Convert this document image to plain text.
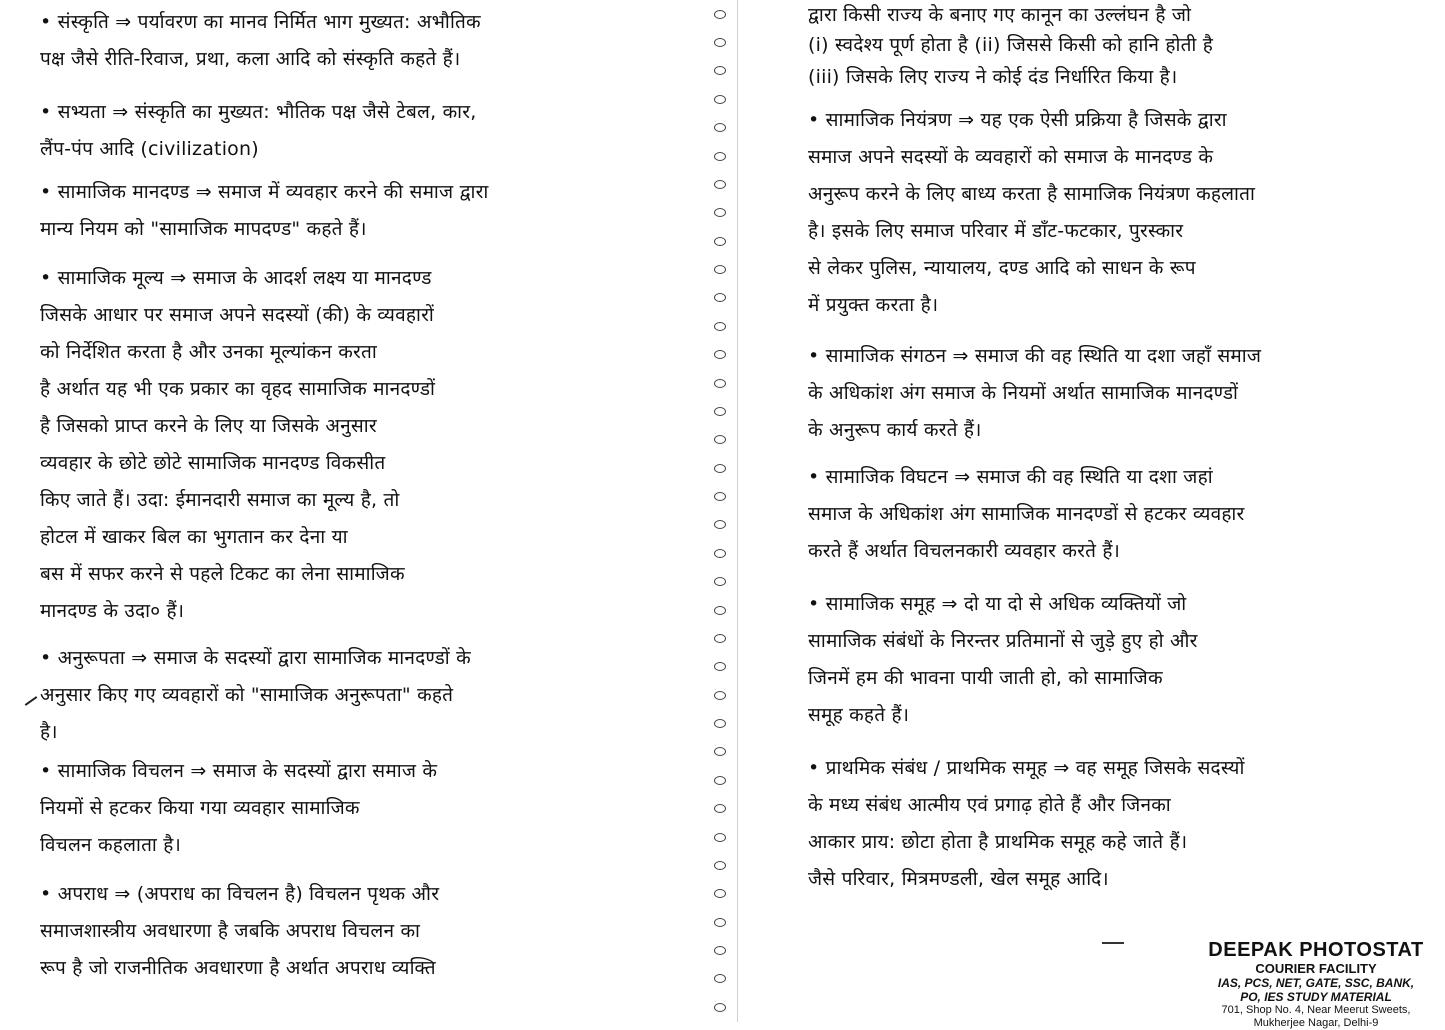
• संस्कृति ⇒ पर्यावरण का मानव निर्मित भाग मुख्यत: अभौतिक
पक्ष जैसे रीति-रिवाज, प्रथा, कला आदि को संस्कृति कहते हैं।
• सभ्यता ⇒ संस्कृति का मुख्यत: भौतिक पक्ष जैसे टेबल, कार,
लैंप-पंप आदि (civilization)
• सामाजिक मानदण्ड ⇒ समाज में व्यवहार करने की समाज द्वारा
मान्य नियम को "सामाजिक मापदण्ड" कहते हैं।
• सामाजिक मूल्य ⇒ समाज के आदर्श लक्ष्य या मानदण्ड
जिसके आधार पर समाज अपने सदस्यों (की) के व्यवहारों
को निर्देशित करता है और उनका मूल्यांकन करता
है अर्थात यह भी एक प्रकार का वृहद सामाजिक मानदण्डों
है जिसको प्राप्त करने के लिए या जिसके अनुसार
व्यवहार के छोटे छोटे सामाजिक मानदण्ड विकसीत
किए जाते हैं। उदा: ईमानदारी समाज का मूल्य है, तो
होटल में खाकर बिल का भुगतान कर देना या
बस में सफर करने से पहले टिकट का लेना सामाजिक
मानदण्ड के उदा० हैं।
• अनुरूपता ⇒ समाज के सदस्यों द्वारा सामाजिक मानदण्डों के
अनुसार किए गए व्यवहारों को "सामाजिक अनुरूपता" कहते
है।
• सामाजिक विचलन ⇒ समाज के सदस्यों द्वारा समाज के
नियमों से हटकर किया गया व्यवहार सामाजिक
विचलन कहलाता है।
• अपराध ⇒ (अपराध का विचलन है) विचलन पृथक और
समाजशास्त्रीय अवधारणा है जबकि अपराध विचलन का
रूप है जो राजनीतिक अवधारणा है अर्थात अपराध व्यक्ति
द्वारा किसी राज्य के बनाए गए कानून का उल्लंघन है जो
(i) स्वदेश्य पूर्ण होता है (ii) जिससे किसी को हानि होती है
(iii) जिसके लिए राज्य ने कोई दंड निर्धारित किया है।
• सामाजिक नियंत्रण ⇒ यह एक ऐसी प्रक्रिया है जिसके द्वारा
समाज अपने सदस्यों के व्यवहारों को समाज के मानदण्ड के
अनुरूप करने के लिए बाध्य करता है सामाजिक नियंत्रण कहलाता
है। इसके लिए समाज परिवार में डाँट-फटकार, पुरस्कार
से लेकर पुलिस, न्यायालय, दण्ड आदि को साधन के रूप
में प्रयुक्त करता है।
• सामाजिक संगठन ⇒ समाज की वह स्थिति या दशा जहाँ समाज
के अधिकांश अंग समाज के नियमों अर्थात सामाजिक मानदण्डों
के अनुरूप कार्य करते हैं।
• सामाजिक विघटन ⇒ समाज की वह स्थिति या दशा जहां
समाज के अधिकांश अंग सामाजिक मानदण्डों से हटकर व्यवहार
करते हैं अर्थात विचलनकारी व्यवहार करते हैं।
• सामाजिक समूह ⇒ दो या दो से अधिक व्यक्तियों जो
सामाजिक संबंधों के निरन्तर प्रतिमानों से जुड़े हुए हो और
जिनमें हम की भावना पायी जाती हो, को सामाजिक
समूह कहते हैं।
• प्राथमिक संबंध / प्राथमिक समूह ⇒ वह समूह जिसके सदस्यों
के मध्य संबंध आत्मीय एवं प्रगाढ़ होते हैं और जिनका
आकार प्राय: छोटा होता है प्राथमिक समूह कहे जाते हैं।
जैसे परिवार, मित्रमण्डली, खेल समूह आदि।
DEEPAK PHOTOSTAT
COURIER FACILITY
IAS, PCS, NET, GATE, SSC, BANK,
PO, IES STUDY MATERIAL
701, Shop No. 4, Near Meerut Sweets,
Mukherjee Nagar, Delhi-9
